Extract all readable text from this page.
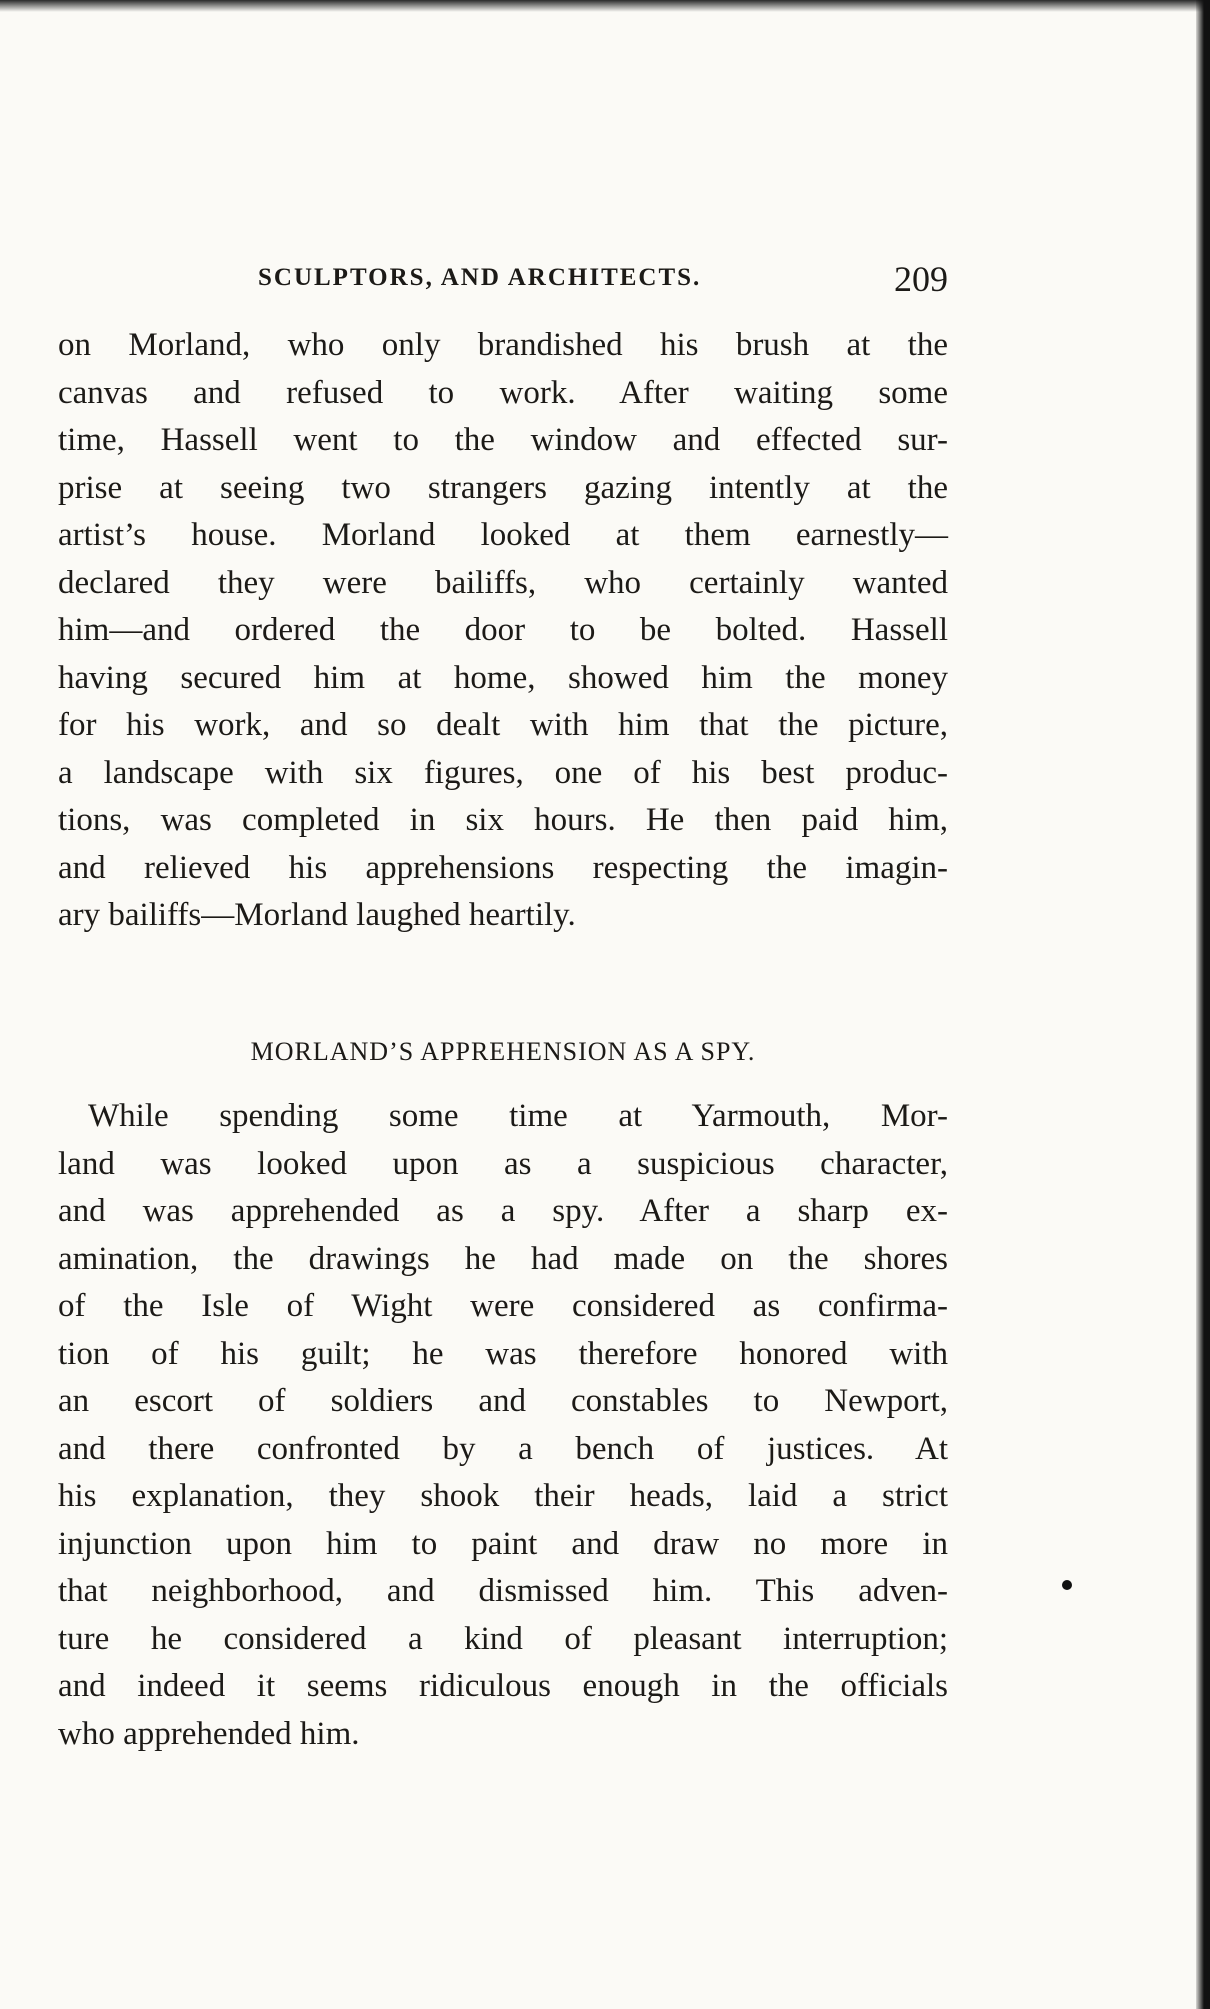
SCULPTORS, AND ARCHITECTS.	209

on Morland, who only brandished his brush at the

canvas and refused to work. After waiting some

time, Hassell went to the window and effected sur-

prise at seeing two strangers gazing intently at the

artist’s house. Morland looked at them earnestly—

declared they were bailiffs, who certainly wanted

him—and ordered the door to be bolted. Hassell

having secured him at home, showed him the money

for his work, and so dealt with him that the picture,

a landscape with six figures, one of his best produc-

tions, was completed in six hours. He then paid him,

and relieved his apprehensions respecting the imagin-

ary bailiffs—Morland laughed heartily.

MORLAND’S APPREHENSION AS A SPY.

While spending some time at Yarmouth, Mor-

land was looked upon as a suspicious character,

and was apprehended as a spy. After a sharp ex-

amination, the drawings he had made on the shores

of the Isle of Wight were considered as confirma-

tion of his guilt; he was therefore honored with

an escort of soldiers and constables to Newport,

and there confronted by a bench of justices. At

his explanation, they shook their heads, laid a strict

injunction upon him to paint and draw no more in

that neighborhood, and dismissed him. This adven-

ture he considered a kind of pleasant interruption;

and indeed it seems ridiculous enough in the officials

who apprehended him.
